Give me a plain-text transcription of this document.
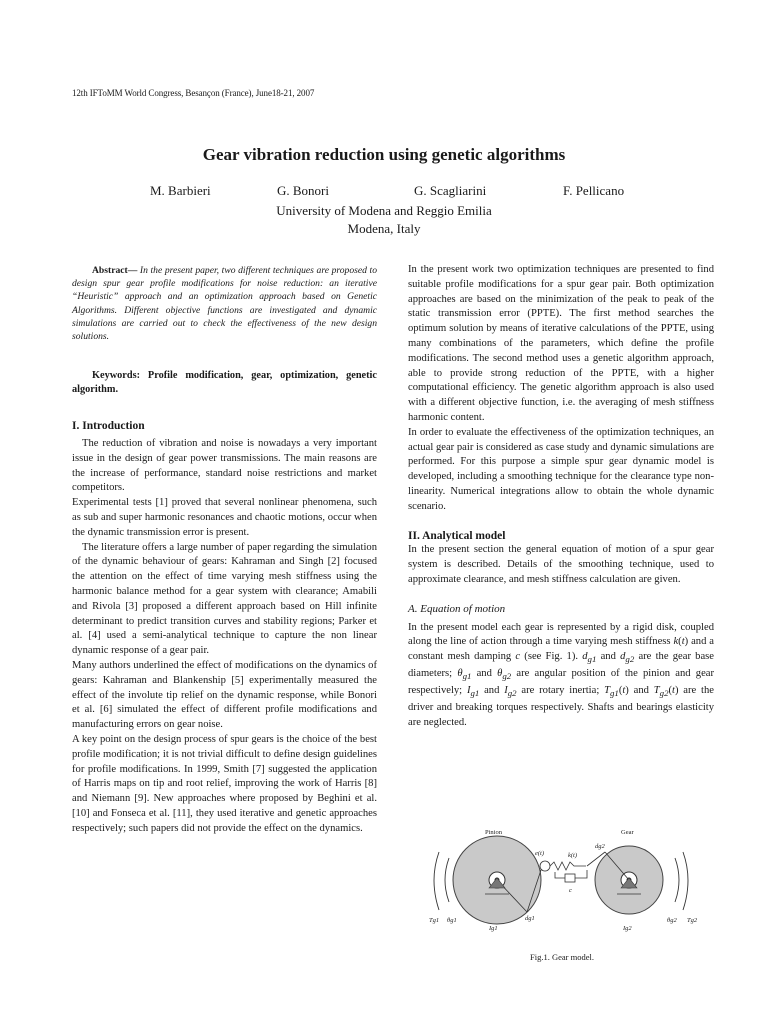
12th IFToMM World Congress, Besançon (France), June18-21, 2007
Gear vibration reduction using genetic algorithms
M. Barbieri	G. Bonori	G. Scagliarini	F. Pellicano
University of Modena and Reggio Emilia
Modena, Italy

Abstract— In the present paper, two different techniques are proposed to design spur gear profile modifications for noise reduction: an iterative “Heuristic” approach and an optimization approach based on Genetic Algorithms. Different objective functions are investigated and dynamic simulations are carried out to check the effectiveness of the new design solutions.

Keywords: Profile modification, gear, optimization, genetic algorithm.

I. Introduction

The reduction of vibration and noise is nowadays a very important issue in the design of gear power transmissions. The main reasons are the increase of performance, standard noise restrictions and market competitors.

Experimental tests [1] proved that several nonlinear phenomena, such as sub and super harmonic resonances and chaotic motions, occur when the dynamic transmission error is present.

The literature offers a large number of paper regarding the simulation of the dynamic behaviour of gears: Kahraman and Singh [2] focused the attention on the effect of time varying mesh stiffness using the harmonic balance method for a gear system with clearance; Amabili and Rivola [3] proposed a different approach based on Hill infinite determinant to predict transition curves and stability regions; Parker et al. [4] used a semi-analytical technique to capture the non linear dynamic response of a gear pair.

Many authors underlined the effect of modifications on the dynamics of gears: Kahraman and Blankenship [5] experimentally measured the effect of the involute tip relief on the dynamic response, while Bonori et al. [6] simulated the effect of different profile modifications and manufacturing errors on gear noise.

A key point on the design process of spur gears is the choice of the best profile modification; it is not trivial difficult to define design guidelines for profile modifications. In 1999, Smith [7] suggested the application of Harris maps on tip and root relief, improving the work of Harris [8] and Niemann [9]. New approaches where proposed by Beghini et al. [10] and Fonseca et al. [11], they used iterative and genetic approaches respectively; such papers did not provide the effect on the dynamics.

In the present work two optimization techniques are presented to find suitable profile modifications for a spur gear pair. Both optimization approaches are based on the minimization of the peak to peak of the static transmission error (PPTE). The first method searches the optimum solution by means of iterative calculations of the PPTE, using many combinations of the parameters, which define the profile modifications. The second method uses a genetic algorithm approach, able to provide strong reduction of the PPTE, with a higher computational efficiency. The genetic algorithm approach is also used with a different objective function, i.e. the averaging of mesh stiffness harmonic content.

In order to evaluate the effectiveness of the optimization techniques, an actual gear pair is considered as case study and dynamic simulations are performed. For this purpose a simple spur gear dynamic model is developed, including a smoothing technique for the clearance type non-linearity. Numerical integrations allow to obtain the whole dynamic scenario.

II. Analytical model

In the present section the general equation of motion of a spur gear system is described. Details of the smoothing technique, used to approximate clearance, and mesh stiffness calculation are given.

A. Equation of motion

In the present model each gear is represented by a rigid disk, coupled along the line of action through a time varying mesh stiffness k(t) and a constant mesh damping c (see Fig. 1). $d_{g1}$ and $d_{g2}$ are the gear base diameters; $\theta_{g1}$ and $\theta_{g2}$ are angular position of the pinion and gear respectively; $I_{g1}$ and $I_{g2}$ are rotary inertia; $T_{g1}(t)$ and $T_{g2}(t)$ are the driver and breaking torques respectively. Shafts and bearings elasticity are neglected.

Pinion	Gear
e(t)	k(t)
c
dg1
dg2
Ig1	Ig2
Tg1 θg1	θg2 Tg2
Fig.1. Gear model.
